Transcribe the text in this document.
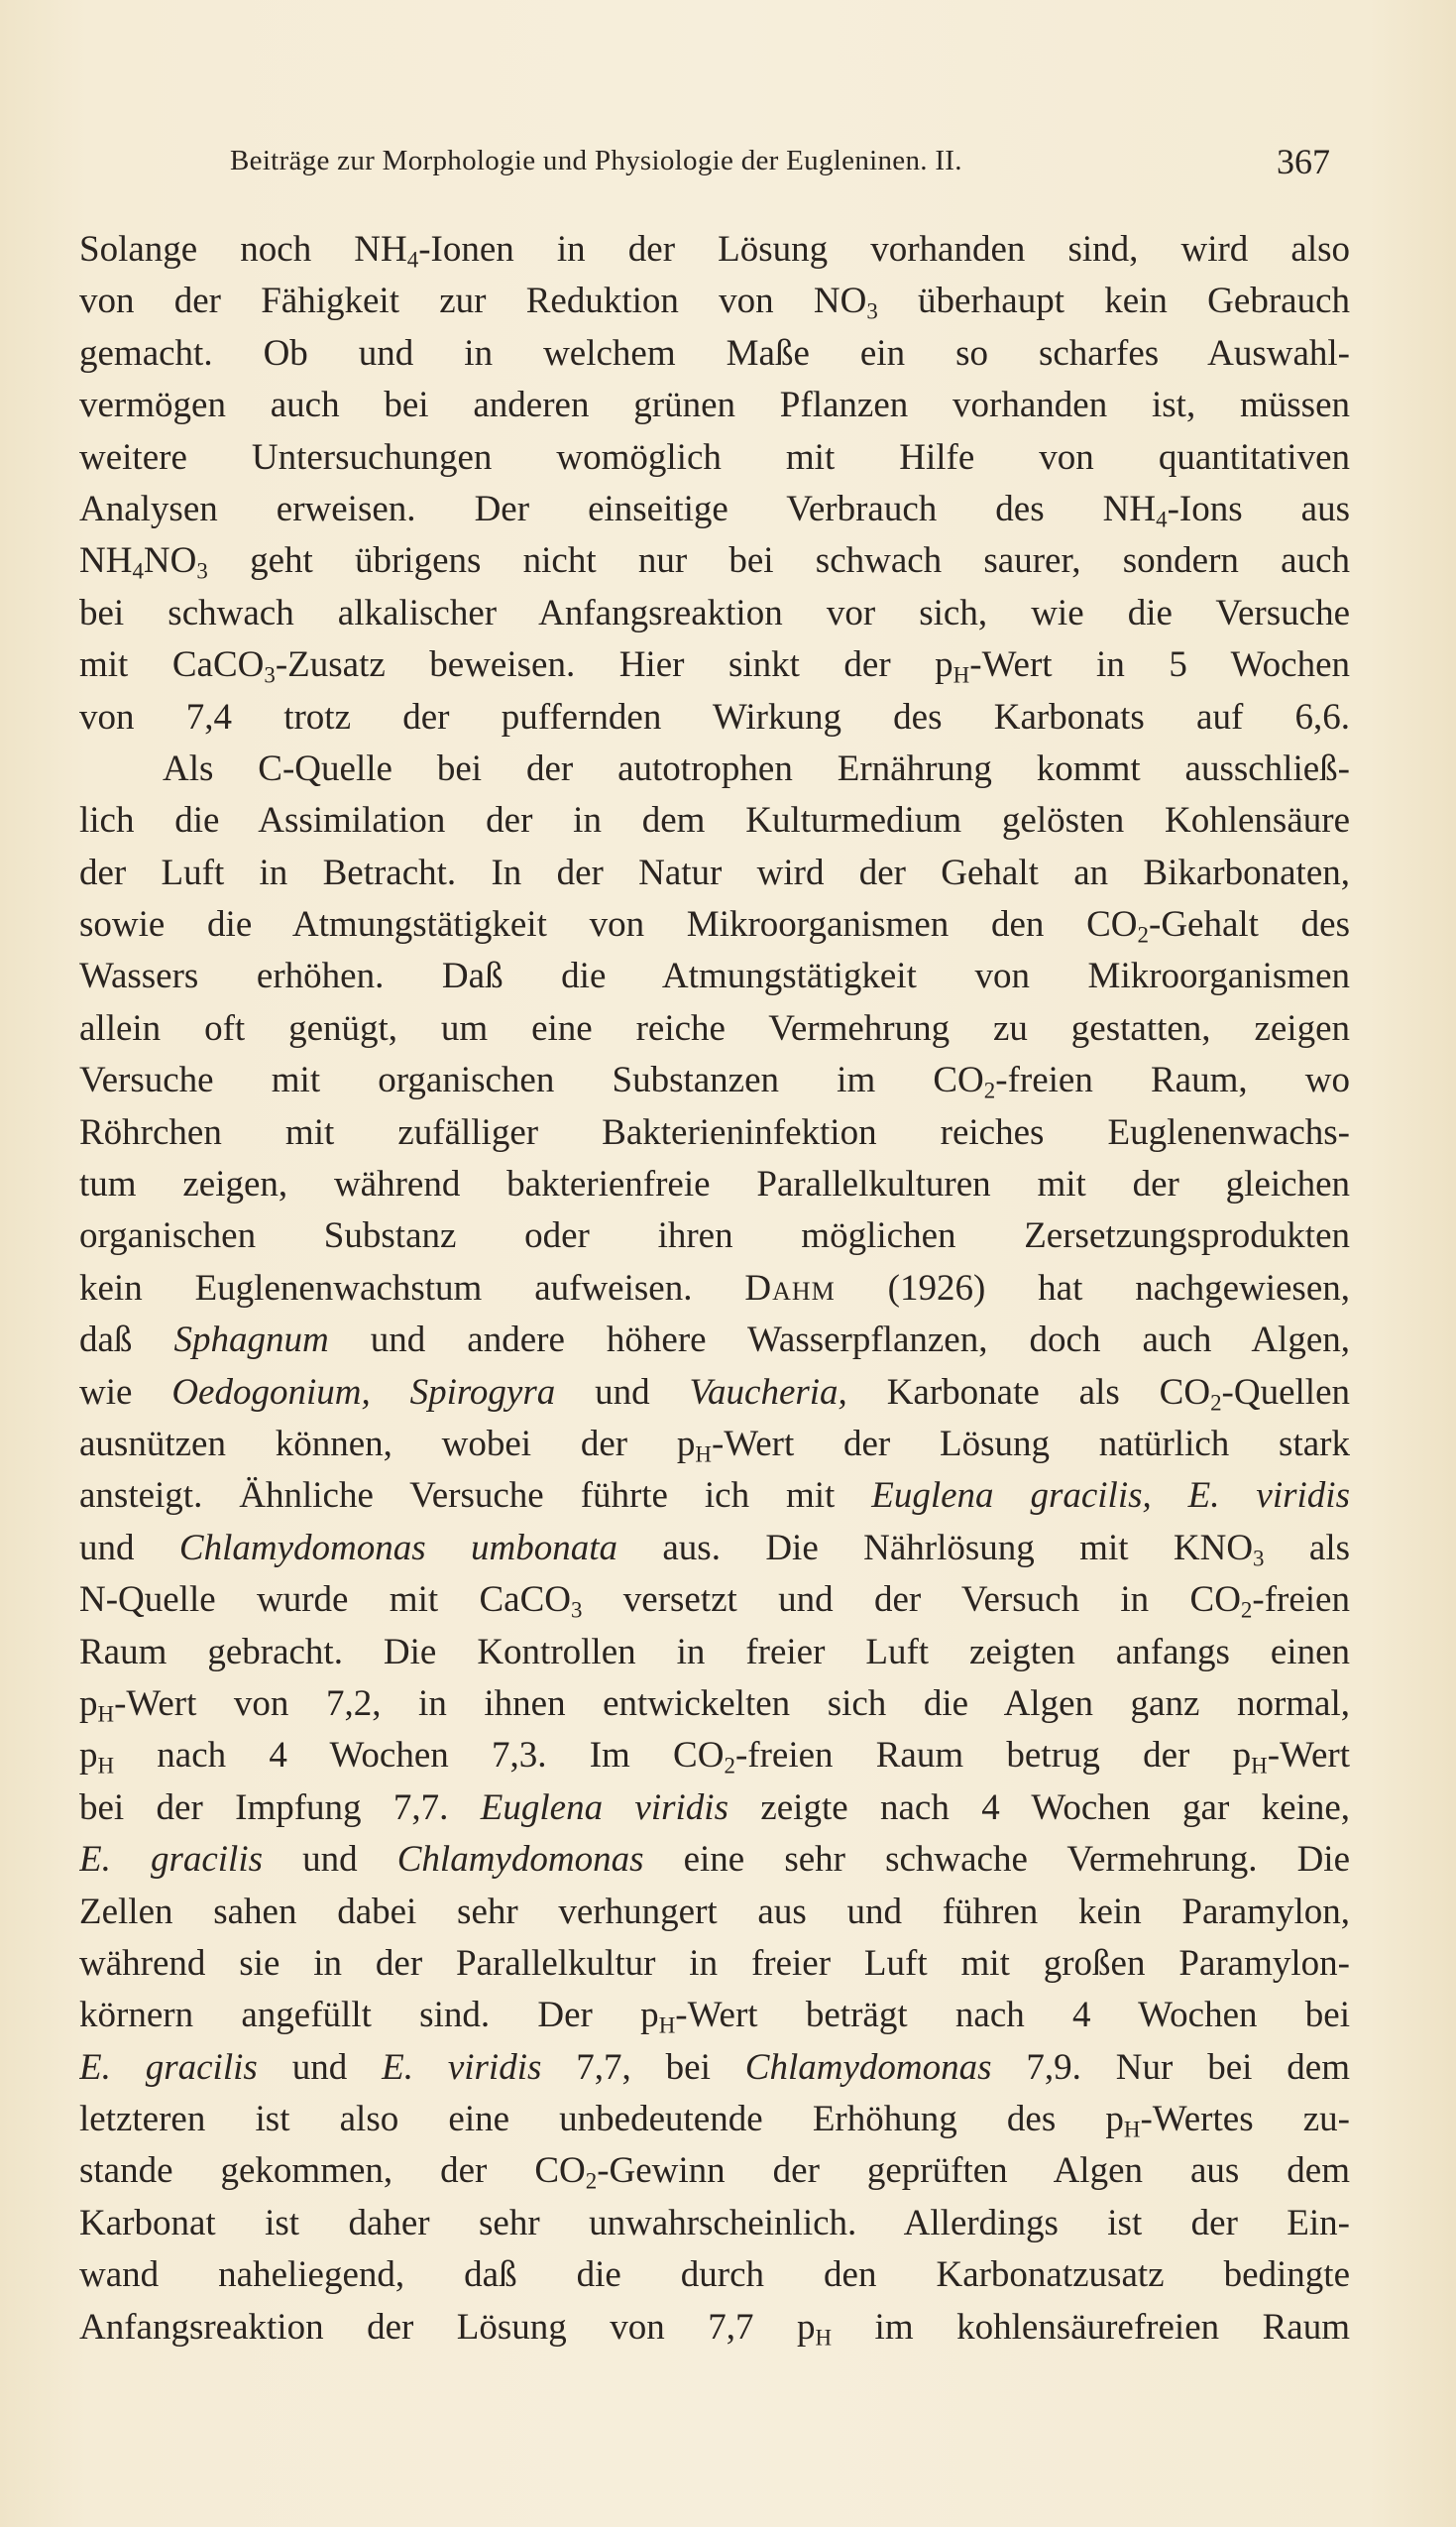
Beiträge zur Morphologie und Physiologie der Eugleninen. II.	367
Solange noch $NH_4$-Ionen in der Lösung vorhanden sind, wird also
von der Fähigkeit zur Reduktion von $NO_3$ überhaupt kein Gebrauch
gemacht. Ob und in welchem Maße ein so scharfes Auswahl-
vermögen auch bei anderen grünen Pflanzen vorhanden ist, müssen
weitere Untersuchungen womöglich mit Hilfe von quantitativen
Analysen erweisen. Der einseitige Verbrauch des $NH_4$-Ions aus
$NH_4NO_3$ geht übrigens nicht nur bei schwach saurer, sondern auch
bei schwach alkalischer Anfangsreaktion vor sich, wie die Versuche
mit CaCO$_3$-Zusatz beweisen. Hier sinkt der $p_H$-Wert in 5 Wochen
von 7,4 trotz der puffernden Wirkung des Karbonats auf 6,6.
Als C-Quelle bei der autotrophen Ernährung kommt ausschließ-
lich die Assimilation der in dem Kulturmedium gelösten Kohlensäure
der Luft in Betracht. In der Natur wird der Gehalt an Bikarbonaten,
sowie die Atmungstätigkeit von Mikroorganismen den $CO_2$-Gehalt des
Wassers erhöhen. Daß die Atmungstätigkeit von Mikroorganismen
allein oft genügt, um eine reiche Vermehrung zu gestatten, zeigen
Versuche mit organischen Substanzen im $CO_2$-freien Raum, wo
Röhrchen mit zufälliger Bakterieninfektion reiches Euglenenwachs-
tum zeigen, während bakterienfreie Parallelkulturen mit der gleichen
organischen Substanz oder ihren möglichen Zersetzungsprodukten
kein Euglenenwachstum aufweisen. Dahm (1926) hat nachgewiesen,
daß Sphagnum und andere höhere Wasserpflanzen, doch auch Algen,
wie Oedogonium, Spirogyra und Vaucheria, Karbonate als $CO_2$-Quellen
ausnützen können, wobei der $p_H$-Wert der Lösung natürlich stark
ansteigt. Ähnliche Versuche führte ich mit Euglena gracilis, E. viridis
und Chlamydomonas umbonata aus. Die Nährlösung mit $KNO_3$ als
N-Quelle wurde mit CaCO$_3$ versetzt und der Versuch in $CO_2$-freien
Raum gebracht. Die Kontrollen in freier Luft zeigten anfangs einen
$p_H$-Wert von 7,2, in ihnen entwickelten sich die Algen ganz normal,
$p_H$ nach 4 Wochen 7,3. Im $CO_2$-freien Raum betrug der $p_H$-Wert
bei der Impfung 7,7. Euglena viridis zeigte nach 4 Wochen gar keine,
E. gracilis und Chlamydomonas eine sehr schwache Vermehrung. Die
Zellen sahen dabei sehr verhungert aus und führen kein Paramylon,
während sie in der Parallelkultur in freier Luft mit großen Paramylon-
körnern angefüllt sind. Der $p_H$-Wert beträgt nach 4 Wochen bei
E. gracilis und E. viridis 7,7, bei Chlamydomonas 7,9. Nur bei dem
letzteren ist also eine unbedeutende Erhöhung des $p_H$-Wertes zu-
stande gekommen, der $CO_2$-Gewinn der geprüften Algen aus dem
Karbonat ist daher sehr unwahrscheinlich. Allerdings ist der Ein-
wand naheliegend, daß die durch den Karbonatzusatz bedingte
Anfangsreaktion der Lösung von 7,7 $p_H$ im kohlensäurefreien Raum
